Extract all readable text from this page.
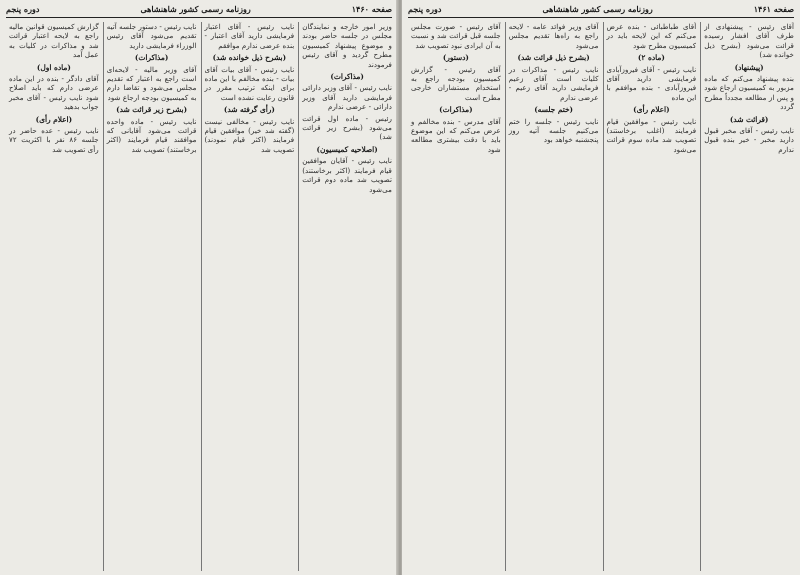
صفحه ۱۴۶۰
روزنامه رسمی کشور شاهنشاهی
دوره پنجم

وزیر امور خارجه و نمایندگان مجلس در جلسه حاضر بودند و موضوع پیشنهاد کمیسیون مطرح گردید و آقای رئیس فرمودند

(مذاکرات)

نایب رئیس - آقای وزیر دارائی فرمایشی دارید آقای وزیر دارائی - عرضی ندارم

رئیس - ماده اول قرائت می‌شود (بشرح زیر قرائت شد)

(اصلاحیه کمیسیون)

نایب رئیس - آقایان موافقین قیام فرمایند (اکثر برخاستند) تصویب شد ماده دوم قرائت می‌شود

نایب رئیس - آقای اعتبار فرمایشی دارید آقای اعتبار - بنده عرضی ندارم موافقم

(بشرح ذیل خوانده شد)

نایب رئیس - آقای بیات آقای بیات - بنده مخالفم با این ماده برای اینکه ترتیب مقرر در قانون رعایت نشده است

(رأی گرفته شد)

نایب رئیس - مخالفی نیست (گفته شد خیر) موافقین قیام فرمایند (اکثر قیام نمودند) تصویب شد

نایب رئیس - دستور جلسه آتیه تقدیم می‌شود آقای رئیس الوزراء فرمایشی دارید

(مذاکرات)

آقای وزیر مالیه - لایحه‌ای است راجع به اعتبار که تقدیم مجلس می‌شود و تقاضا دارم به کمیسیون بودجه ارجاع شود

(بشرح زیر قرائت شد)

نایب رئیس - ماده واحده قرائت می‌شود آقایانی که موافقند قیام فرمایند (اکثر برخاستند) تصویب شد

گزارش کمیسیون قوانین مالیه راجع به لایحه اعتبار قرائت شد و مذاکرات در کلیات به عمل آمد

(ماده اول)

آقای دادگر - بنده در این ماده عرضی دارم که باید اصلاح شود نایب رئیس - آقای مخبر جواب بدهید

(اعلام رأی)

نایب رئیس - عده حاضر در جلسه ۸۶ نفر با اکثریت ۷۲ رأی تصویب شد

صفحه ۱۴۶۱
روزنامه رسمی کشور شاهنشاهی
دوره پنجم

آقای رئیس - پیشنهادی از طرف آقای افشار رسیده قرائت می‌شود (بشرح ذیل خوانده شد)

(پیشنهاد)

بنده پیشنهاد می‌کنم که ماده مزبور به کمیسیون ارجاع شود و پس از مطالعه مجدداً مطرح گردد

(قرائت شد)

نایب رئیس - آقای مخبر قبول دارید مخبر - خیر بنده قبول ندارم

آقای طباطبائی - بنده عرض می‌کنم که این لایحه باید در کمیسیون مطرح شود

(ماده ۲)

نایب رئیس - آقای فیروزآبادی فرمایشی دارید آقای فیروزآبادی - بنده موافقم با این ماده

(اعلام رأی)

نایب رئیس - موافقین قیام فرمایند (اغلب برخاستند) تصویب شد ماده سوم قرائت می‌شود

آقای وزیر فوائد عامه - لایحه راجع به راه‌ها تقدیم مجلس می‌شود

(بشرح ذیل قرائت شد)

نایب رئیس - مذاکرات در کلیات است آقای زعیم فرمایشی دارید آقای زعیم - عرضی ندارم

(ختم جلسه)

نایب رئیس - جلسه را ختم می‌کنیم جلسه آتیه روز پنجشنبه خواهد بود

آقای رئیس - صورت مجلس جلسه قبل قرائت شد و نسبت به آن ایرادی نبود تصویب شد

(دستور)

آقای رئیس - گزارش کمیسیون بودجه راجع به استخدام مستشاران خارجی مطرح است

(مذاکرات)

آقای مدرس - بنده مخالفم و عرض می‌کنم که این موضوع باید با دقت بیشتری مطالعه شود
